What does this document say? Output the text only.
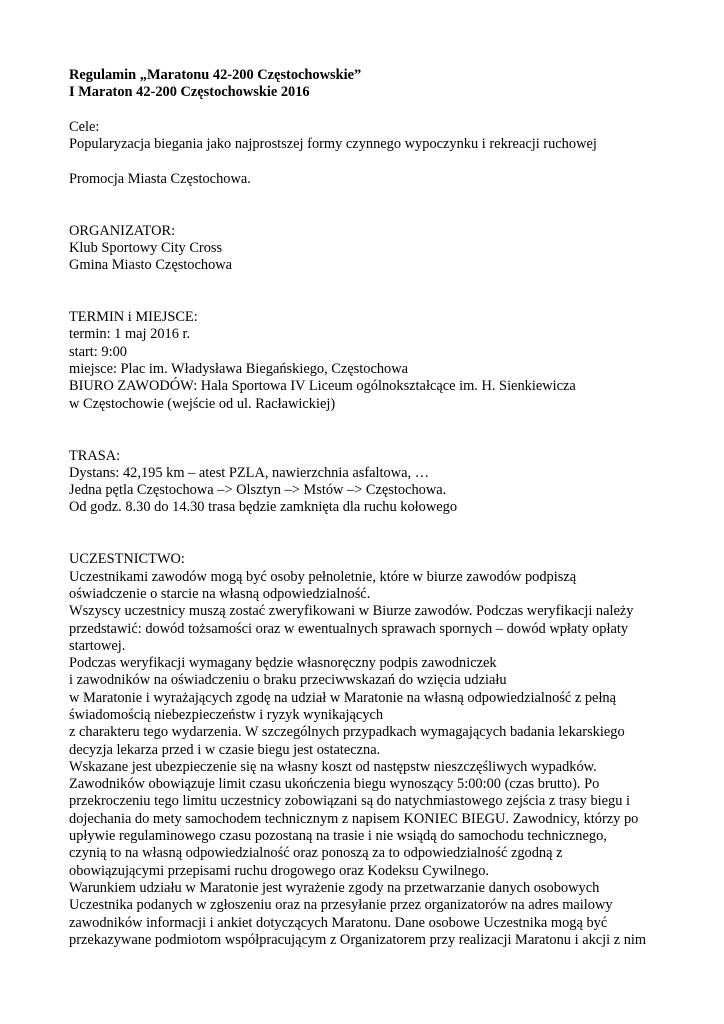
Regulamin „Maratonu 42-200 Częstochowskie”
I Maraton 42-200 Częstochowskie 2016
Cele:
Popularyzacja biegania jako najprostszej formy czynnego wypoczynku i rekreacji ruchowej
Promocja Miasta Częstochowa.
ORGANIZATOR:
Klub Sportowy City Cross
Gmina Miasto Częstochowa
TERMIN i MIEJSCE:
termin: 1 maj 2016 r.
start: 9:00
miejsce: Plac im. Władysława Biegańskiego, Częstochowa
BIURO ZAWODÓW: Hala Sportowa IV Liceum ogólnokształcące im. H. Sienkiewicza
w Częstochowie (wejście od ul. Racławickiej)
TRASA:
Dystans: 42,195 km – atest PZLA, nawierzchnia asfaltowa, …
Jedna pętla Częstochowa –> Olsztyn –> Mstów –> Częstochowa.
Od godz. 8.30 do 14.30 trasa będzie zamknięta dla ruchu kołowego
UCZESTNICTWO:
Uczestnikami zawodów mogą być osoby pełnoletnie, które w biurze zawodów podpiszą
oświadczenie o starcie na własną odpowiedzialność.
Wszyscy uczestnicy muszą zostać zweryfikowani w Biurze zawodów. Podczas weryfikacji należy
przedstawić: dowód tożsamości oraz w ewentualnych sprawach spornych – dowód wpłaty opłaty
startowej.
Podczas weryfikacji wymagany będzie własnoręczny podpis zawodniczek
i zawodników na oświadczeniu o braku przeciwwskazań do wzięcia udziału
w Maratonie i wyrażających zgodę na udział w Maratonie na własną odpowiedzialność z pełną
świadomością niebezpieczeństw i ryzyk wynikających
z charakteru tego wydarzenia. W szczególnych przypadkach wymagających badania lekarskiego
decyzja lekarza przed i w czasie biegu jest ostateczna.
Wskazane jest ubezpieczenie się na własny koszt od następstw nieszczęśliwych wypadków.
Zawodników obowiązuje limit czasu ukończenia biegu wynoszący 5:00:00 (czas brutto). Po
przekroczeniu tego limitu uczestnicy zobowiązani są do natychmiastowego zejścia z trasy biegu i
dojechania do mety samochodem technicznym z napisem KONIEC BIEGU. Zawodnicy, którzy po
upływie regulaminowego czasu pozostaną na trasie i nie wsiądą do samochodu technicznego,
czynią to na własną odpowiedzialność oraz ponoszą za to odpowiedzialność zgodną z
obowiązującymi przepisami ruchu drogowego oraz Kodeksu Cywilnego.
Warunkiem udziału w Maratonie jest wyrażenie zgody na przetwarzanie danych osobowych
Uczestnika podanych w zgłoszeniu oraz na przesyłanie przez organizatorów na adres mailowy
zawodników informacji i ankiet dotyczących Maratonu. Dane osobowe Uczestnika mogą być
przekazywane podmiotom współpracującym z Organizatorem przy realizacji Maratonu i akcji z nim
